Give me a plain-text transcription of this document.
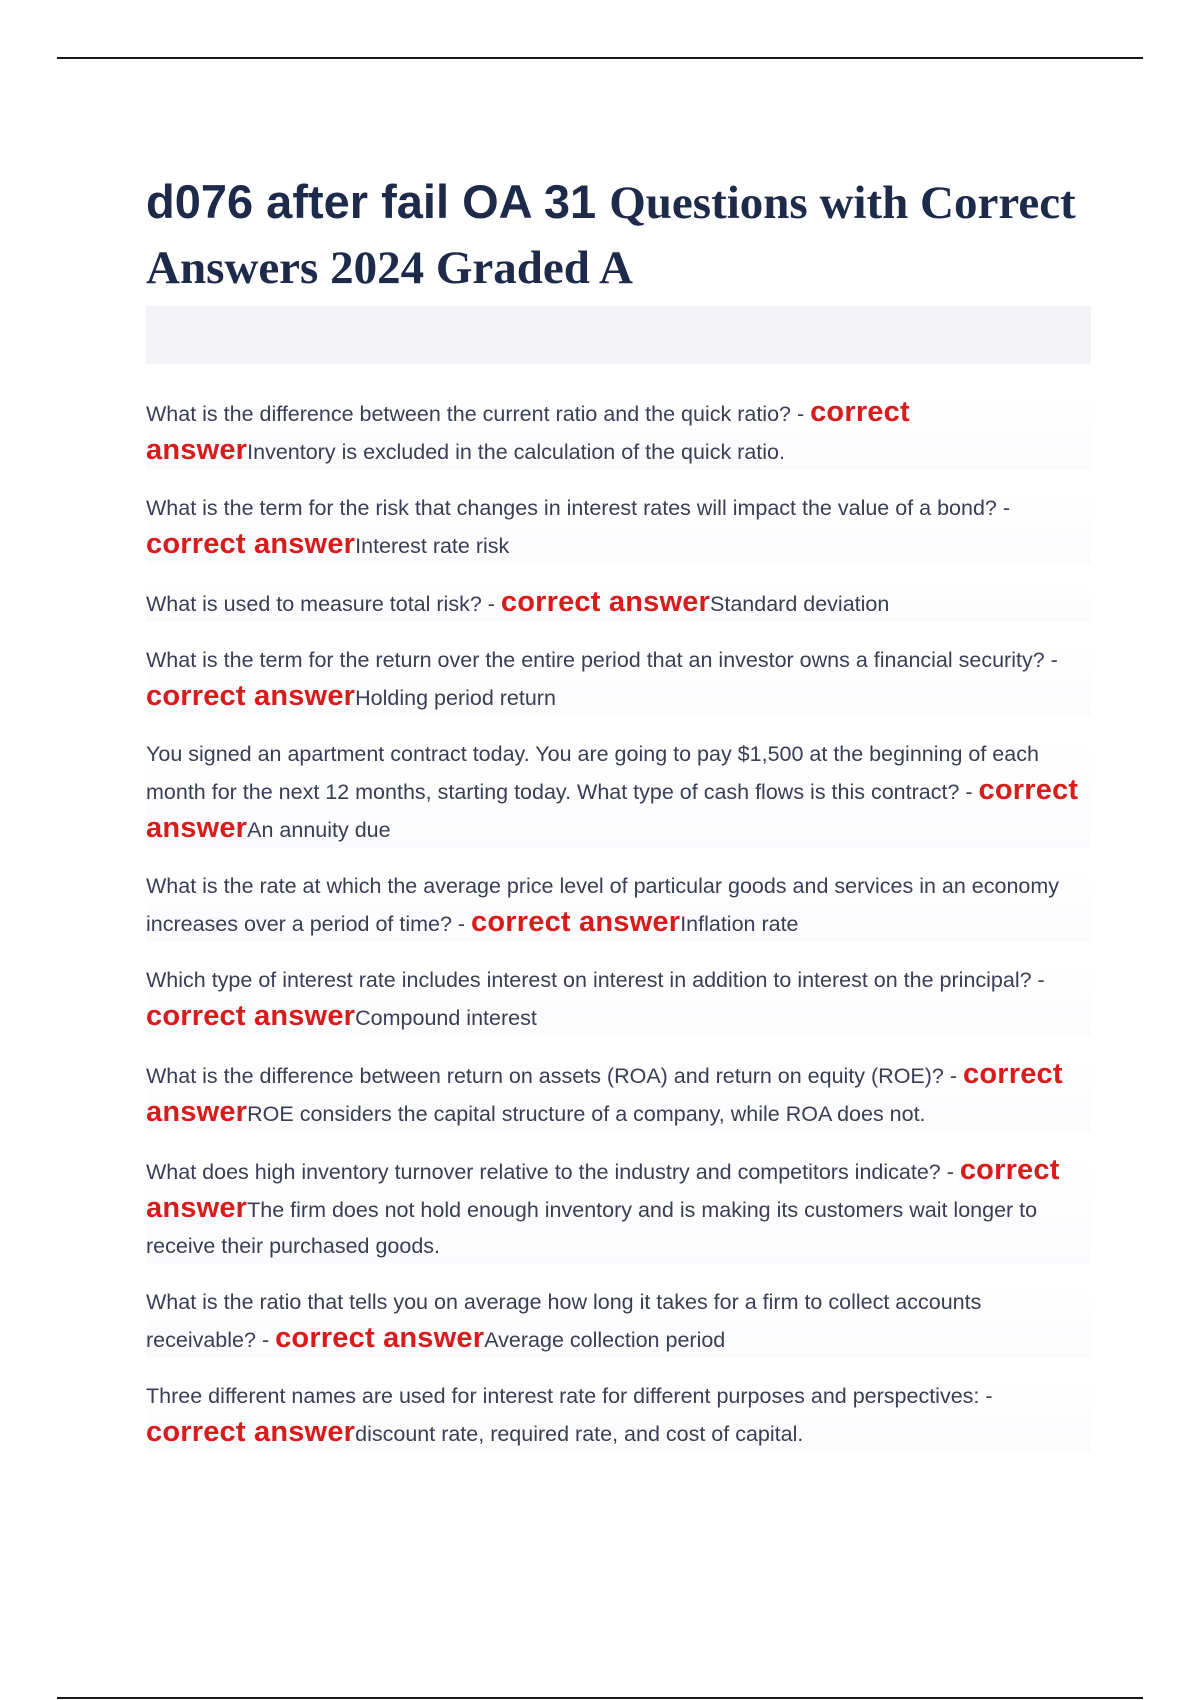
d076 after fail OA 31 Questions with Correct Answers 2024 Graded A

What is the difference between the current ratio and the quick ratio? - correct answerInventory is excluded in the calculation of the quick ratio.

What is the term for the risk that changes in interest rates will impact the value of a bond? - correct answerInterest rate risk

What is used to measure total risk? - correct answerStandard deviation

What is the term for the return over the entire period that an investor owns a financial security? - correct answerHolding period return

You signed an apartment contract today. You are going to pay $1,500 at the beginning of each month for the next 12 months, starting today. What type of cash flows is this contract? - correct answerAn annuity due

What is the rate at which the average price level of particular goods and services in an economy increases over a period of time? - correct answerInflation rate

Which type of interest rate includes interest on interest in addition to interest on the principal? - correct answerCompound interest

What is the difference between return on assets (ROA) and return on equity (ROE)? - correct answerROE considers the capital structure of a company, while ROA does not.

What does high inventory turnover relative to the industry and competitors indicate? - correct answerThe firm does not hold enough inventory and is making its customers wait longer to receive their purchased goods.

What is the ratio that tells you on average how long it takes for a firm to collect accounts receivable? - correct answerAverage collection period

Three different names are used for interest rate for different purposes and perspectives: - correct answerdiscount rate, required rate, and cost of capital.
